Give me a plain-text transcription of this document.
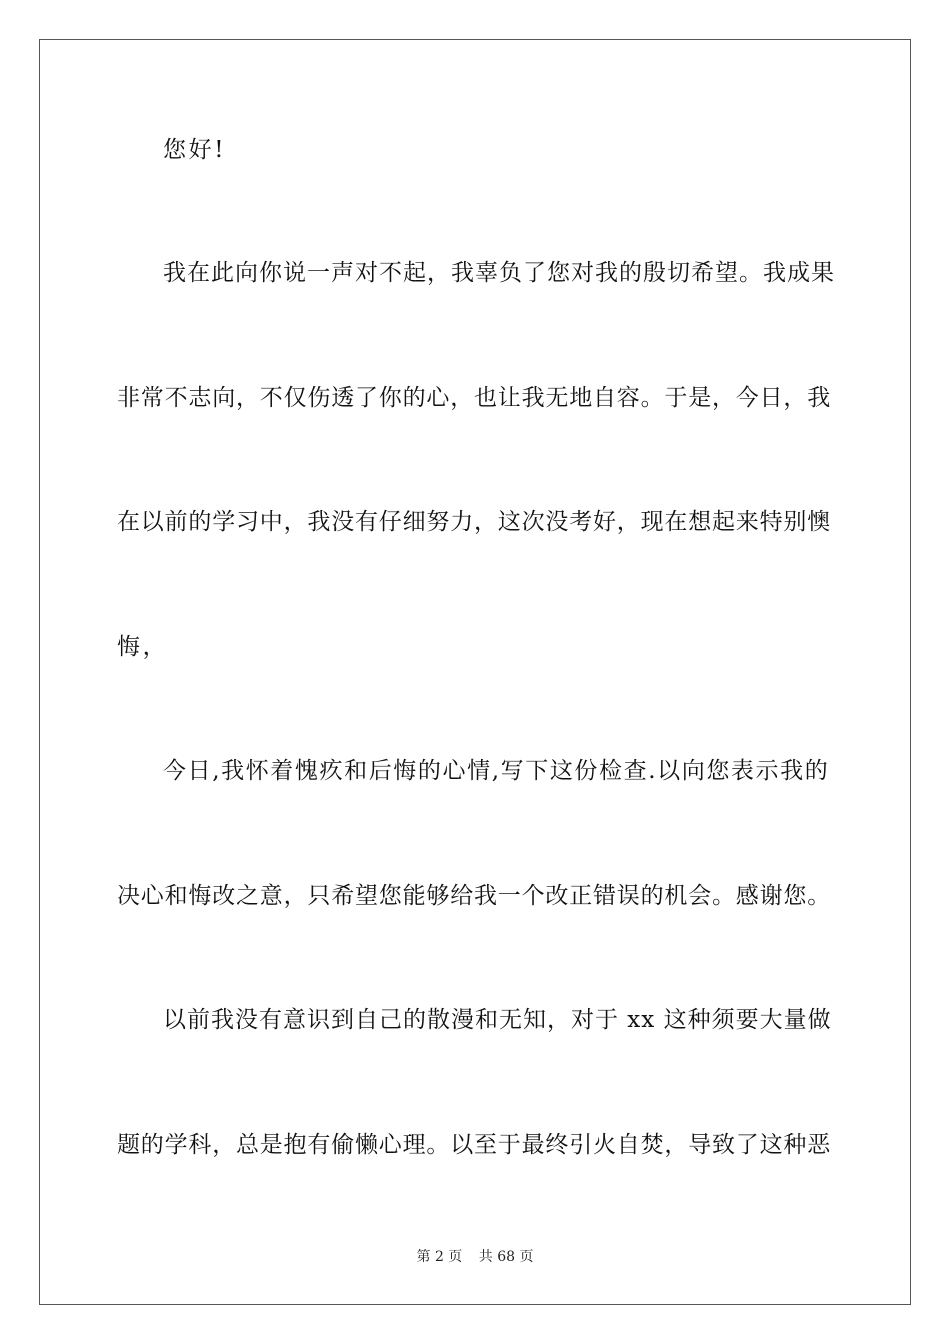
您好!
我在此向你说一声对不起，我辜负了您对我的殷切希望。我成果
非常不志向，不仅伤透了你的心，也让我无地自容。于是，今日，我
在以前的学习中，我没有仔细努力，这次没考好，现在想起来特别懊
悔，
今日,我怀着愧疚和后悔的心情,写下这份检查.以向您表示我的
决心和悔改之意，只希望您能够给我一个改正错误的机会。感谢您。
以前我没有意识到自己的散漫和无知，对于 xx 这种须要大量做
题的学科，总是抱有偷懒心理。以至于最终引火自焚，导致了这种恶
第 2 页 共 68 页
